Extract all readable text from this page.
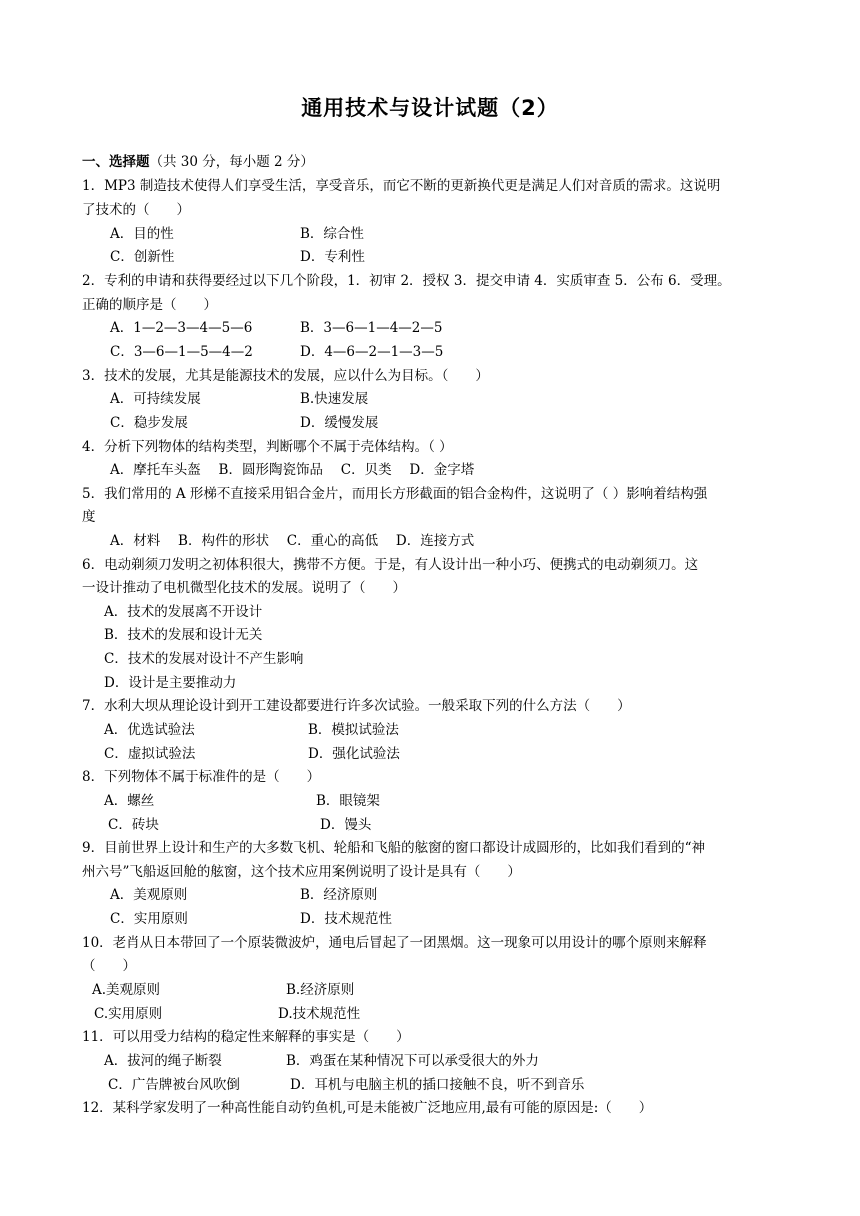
通用技术与设计试题（2）
一、选择题（共 30 分，每小题 2 分）
1．MP3 制造技术使得人们享受生活，享受音乐，而它不断的更新换代更是满足人们对音质的需求。这说明
了技术的（　　）
A．目的性	B．综合性
C．创新性	D．专利性
2．专利的申请和获得要经过以下几个阶段，1．初审 2．授权 3．提交申请 4．实质审查 5．公布 6．受理。
正确的顺序是（　　）
A．1—2—3—4—5—6	B．3—6—1—4—2—5
C．3—6—1—5—4—2	D．4—6—2—1—3—5
3．技术的发展，尤其是能源技术的发展，应以什么为目标。（　　）
A．可持续发展	B.快速发展
C．稳步发展	D．缓慢发展
4．分析下列物体的结构类型，判断哪个不属于壳体结构。（ ）
A．摩托车头盔　 B．圆形陶瓷饰品　 C．贝类　 D．金字塔
5．我们常用的 A 形梯不直接采用铝合金片，而用长方形截面的铝合金构件，这说明了（ ）影响着结构强
度
A．材料　 B．构件的形状　 C．重心的高低　 D．连接方式
6．电动剃须刀发明之初体积很大，携带不方便。于是，有人设计出一种小巧、便携式的电动剃须刀。这
一设计推动了电机微型化技术的发展。说明了（　　）
A．技术的发展离不开设计
B．技术的发展和设计无关
C．技术的发展对设计不产生影响
D．设计是主要推动力
7．水利大坝从理论设计到开工建设都要进行许多次试验。一般采取下列的什么方法（　　）
A．优选试验法	B．模拟试验法
C．虚拟试验法	D．强化试验法
8．下列物体不属于标准件的是（　　）
A．螺丝	B．眼镜架
C．砖块	D．馒头
9．目前世界上设计和生产的大多数飞机、轮船和飞船的舷窗的窗口都设计成圆形的，比如我们看到的“神
州六号”飞船返回舱的舷窗，这个技术应用案例说明了设计是具有（　　）
A．美观原则	B．经济原则
C．实用原则	D．技术规范性
10．老肖从日本带回了一个原装微波炉，通电后冒起了一团黑烟。这一现象可以用设计的哪个原则来解释
（　　）
A.美观原则	B.经济原则
C.实用原则	D.技术规范性
11．可以用受力结构的稳定性来解释的事实是（　　）
A．拔河的绳子断裂	B．鸡蛋在某种情况下可以承受很大的外力
C．广告牌被台风吹倒	D．耳机与电脑主机的插口接触不良，听不到音乐
12．某科学家发明了一种高性能自动钓鱼机,可是未能被广泛地应用,最有可能的原因是:（　　）
